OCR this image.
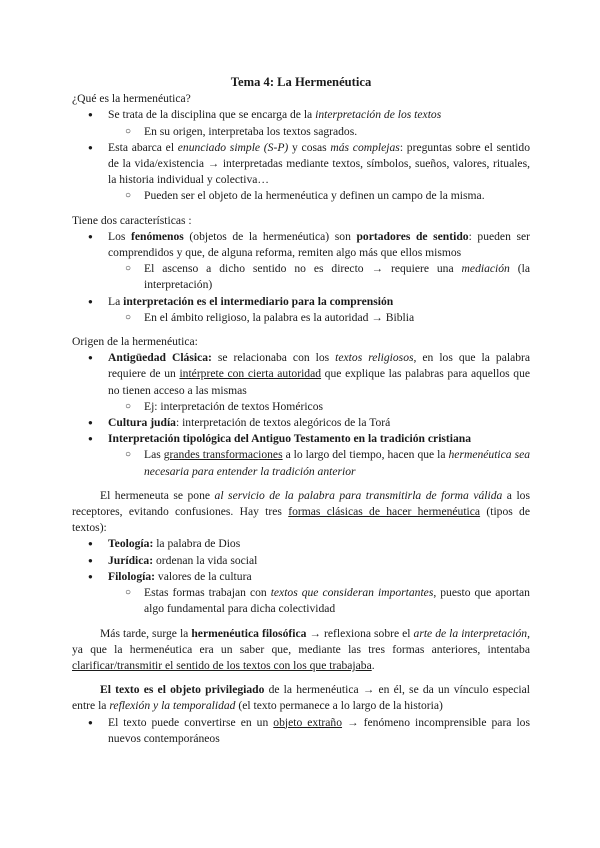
Tema 4: La Hermenéutica

¿Qué es la hermenéutica?

● Se trata de la disciplina que se encarga de la interpretación de los textos
○ En su origen, interpretaba los textos sagrados.
● Esta abarca el enunciado simple (S-P) y cosas más complejas: preguntas sobre el sentido de la vida/existencia → interpretadas mediante textos, símbolos, sueños, valores, rituales, la historia individual y colectiva…
○ Pueden ser el objeto de la hermenéutica y definen un campo de la misma.

Tiene dos características :

● Los fenómenos (objetos de la hermenéutica) son portadores de sentido: pueden ser comprendidos y que, de alguna reforma, remiten algo más que ellos mismos
○ El ascenso a dicho sentido no es directo → requiere una mediación (la interpretación)
● La interpretación es el intermediario para la comprensión
○ En el ámbito religioso, la palabra es la autoridad → Biblia

Origen de la hermenéutica:

● Antigüedad Clásica: se relacionaba con los textos religiosos, en los que la palabra requiere de un intérprete con cierta autoridad que explique las palabras para aquellos que no tienen acceso a las mismas
○ Ej: interpretación de textos Homéricos
● Cultura judía: interpretación de textos alegóricos de la Torá
● Interpretación tipológica del Antiguo Testamento en la tradición cristiana
○ Las grandes transformaciones a lo largo del tiempo, hacen que la hermenéutica sea necesaria para entender la tradición anterior

El hermeneuta se pone al servicio de la palabra para transmitirla de forma válida a los receptores, evitando confusiones. Hay tres formas clásicas de hacer hermenéutica (tipos de textos):

● Teología: la palabra de Dios
● Jurídica: ordenan la vida social
● Filología: valores de la cultura
○ Estas formas trabajan con textos que consideran importantes, puesto que aportan algo fundamental para dicha colectividad

Más tarde, surge la hermenéutica filosófica → reflexiona sobre el arte de la interpretación, ya que la hermenéutica era un saber que, mediante las tres formas anteriores, intentaba clarificar/transmitir el sentido de los textos con los que trabajaba.

El texto es el objeto privilegiado de la hermenéutica → en él, se da un vínculo especial entre la reflexión y la temporalidad (el texto permanece a lo largo de la historia)

● El texto puede convertirse en un objeto extraño → fenómeno incomprensible para los nuevos contemporáneos
